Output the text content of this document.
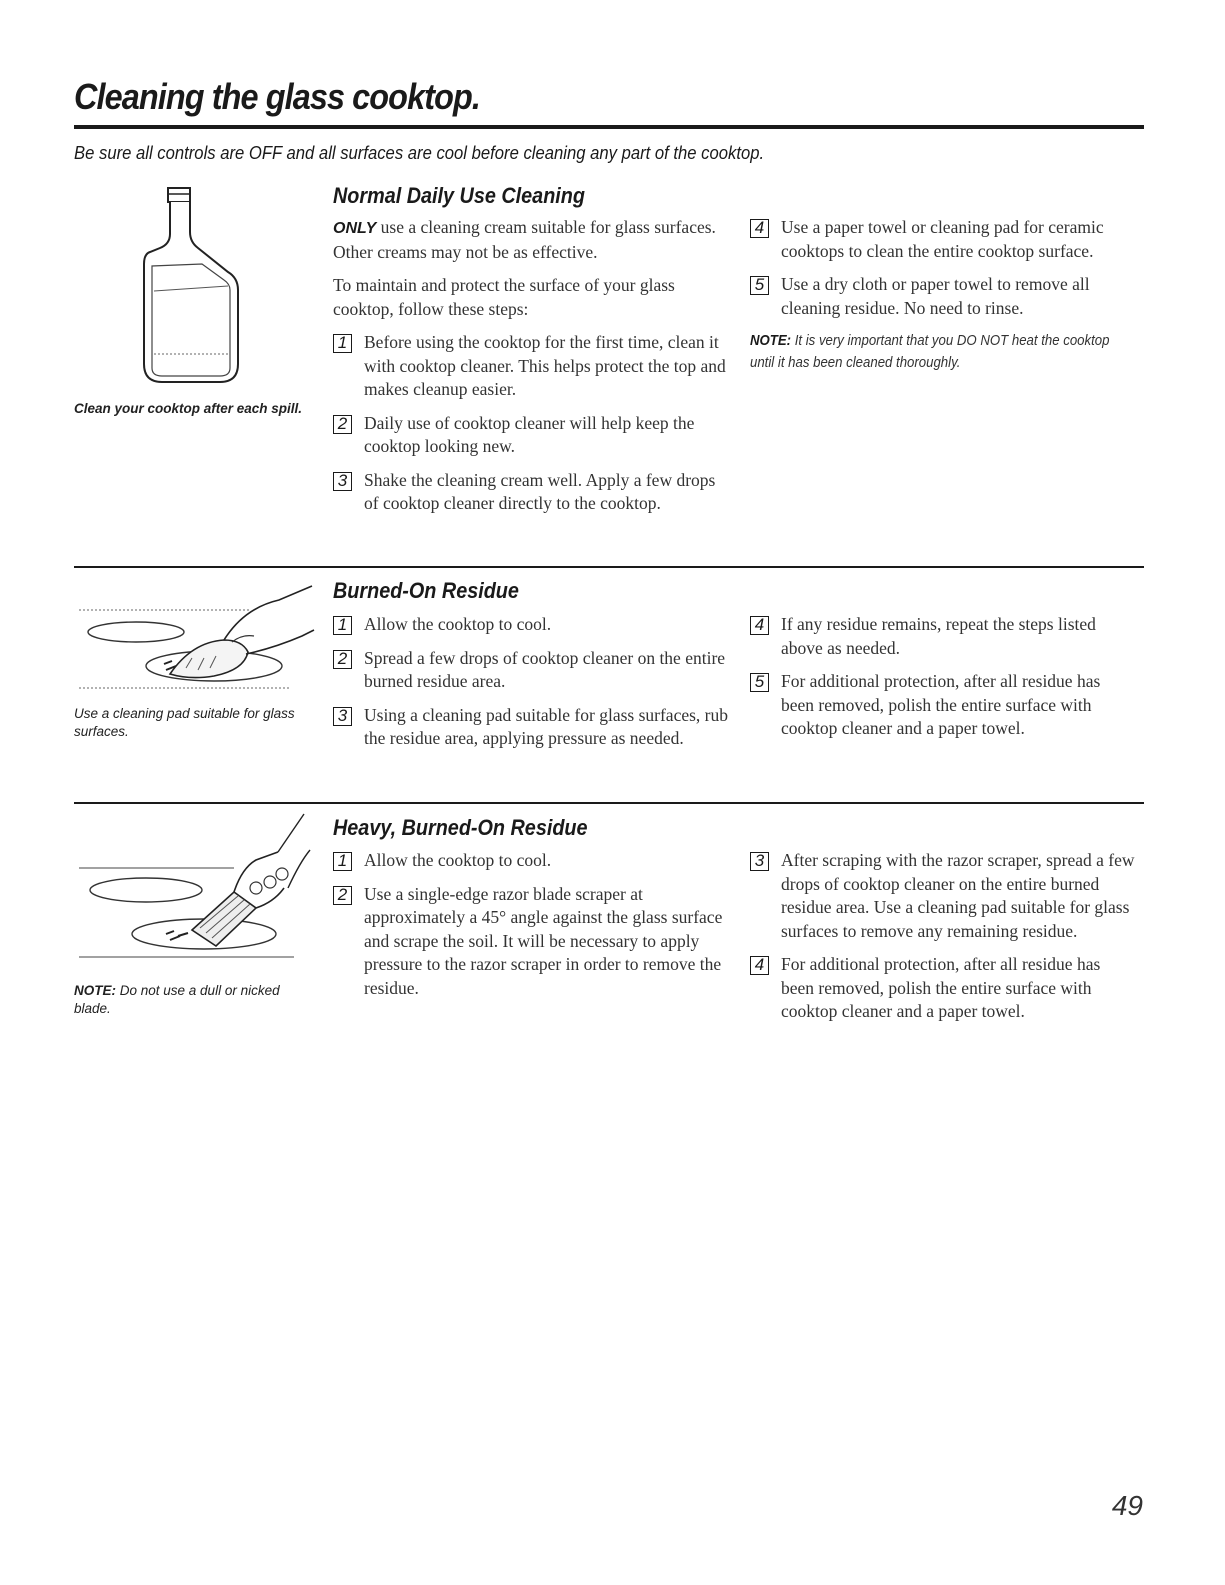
Cleaning the glass cooktop.
Be sure all controls are OFF and all surfaces are cool before cleaning any part of the cooktop.
Clean your cooktop after each spill.
Normal Daily Use Cleaning

ONLY use a cleaning cream suitable for glass surfaces. Other creams may not be as effective.

To maintain and protect the surface of your glass cooktop, follow these steps:

1 Before using the cooktop for the first time, clean it with cooktop cleaner. This helps protect the top and makes cleanup easier.
2 Daily use of cooktop cleaner will help keep the cooktop looking new.
3 Shake the cleaning cream well. Apply a few drops of cooktop cleaner directly to the cooktop.
4 Use a paper towel or cleaning pad for ceramic cooktops to clean the entire cooktop surface.
5 Use a dry cloth or paper towel to remove all cleaning residue. No need to rinse.
NOTE: It is very important that you DO NOT heat the cooktop until it has been cleaned thoroughly.
Use a cleaning pad suitable for glass surfaces.
Burned-On Residue
1 Allow the cooktop to cool.
2 Spread a few drops of cooktop cleaner on the entire burned residue area.
3 Using a cleaning pad suitable for glass surfaces, rub the residue area, applying pressure as needed.
4 If any residue remains, repeat the steps listed above as needed.
5 For additional protection, after all residue has been removed, polish the entire surface with cooktop cleaner and a paper towel.
NOTE: Do not use a dull or nicked blade.
Heavy, Burned-On Residue
1 Allow the cooktop to cool.
2 Use a single-edge razor blade scraper at approximately a 45° angle against the glass surface and scrape the soil. It will be necessary to apply pressure to the razor scraper in order to remove the residue.
3 After scraping with the razor scraper, spread a few drops of cooktop cleaner on the entire burned residue area. Use a cleaning pad suitable for glass surfaces to remove any remaining residue.
4 For additional protection, after all residue has been removed, polish the entire surface with cooktop cleaner and a paper towel.
49
